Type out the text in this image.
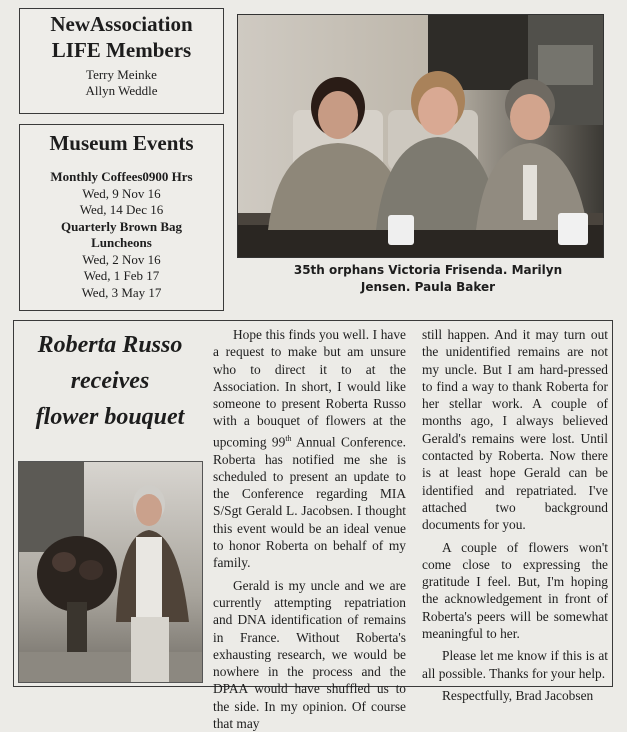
NewAssociation
LIFE Members
Terry Meinke
Allyn Weddle
Museum Events
Monthly Coffees0900 Hrs
Wed, 9 Nov 16
Wed, 14 Dec 16
Quarterly Brown Bag
Luncheons
Wed, 2 Nov 16
Wed, 1 Feb 17
Wed, 3 May 17
35th orphans Victoria Frisenda. Marilyn
Jensen. Paula Baker
Roberta Russo
receives
flower bouquet

Hope this finds you well. I have a request to make but am unsure who to direct it to at the Association. In short, I would like someone to present Roberta Russo with a bouquet of flowers at the upcoming 99th Annual Conference. Roberta has notified me she is scheduled to present an update to the Conference regarding MIA S/Sgt Gerald L. Jacobsen. I thought this event would be an ideal venue to honor Roberta on behalf of my family.

Gerald is my uncle and we are currently attempting repatriation and DNA identification of remains in France. Without Roberta's exhausting research, we would be nowhere in the process and the DPAA would have shuffled us to the side. In my opinion. Of course that may

still happen. And it may turn out the unidentified remains are not my uncle. But I am hard-pressed to find a way to thank Roberta for her stellar work. A couple of months ago, I always believed Gerald's remains were lost. Until contacted by Roberta. Now there is at least hope Gerald can be identified and repatriated. I've attached two background documents for you.

A couple of flowers won't come close to expressing the gratitude I feel. But, I'm hoping the acknowledgement in front of Roberta's peers will be somewhat meaningful to her.

Please let me know if this is at all possible. Thanks for your help.

Respectfully, Brad Jacobsen
